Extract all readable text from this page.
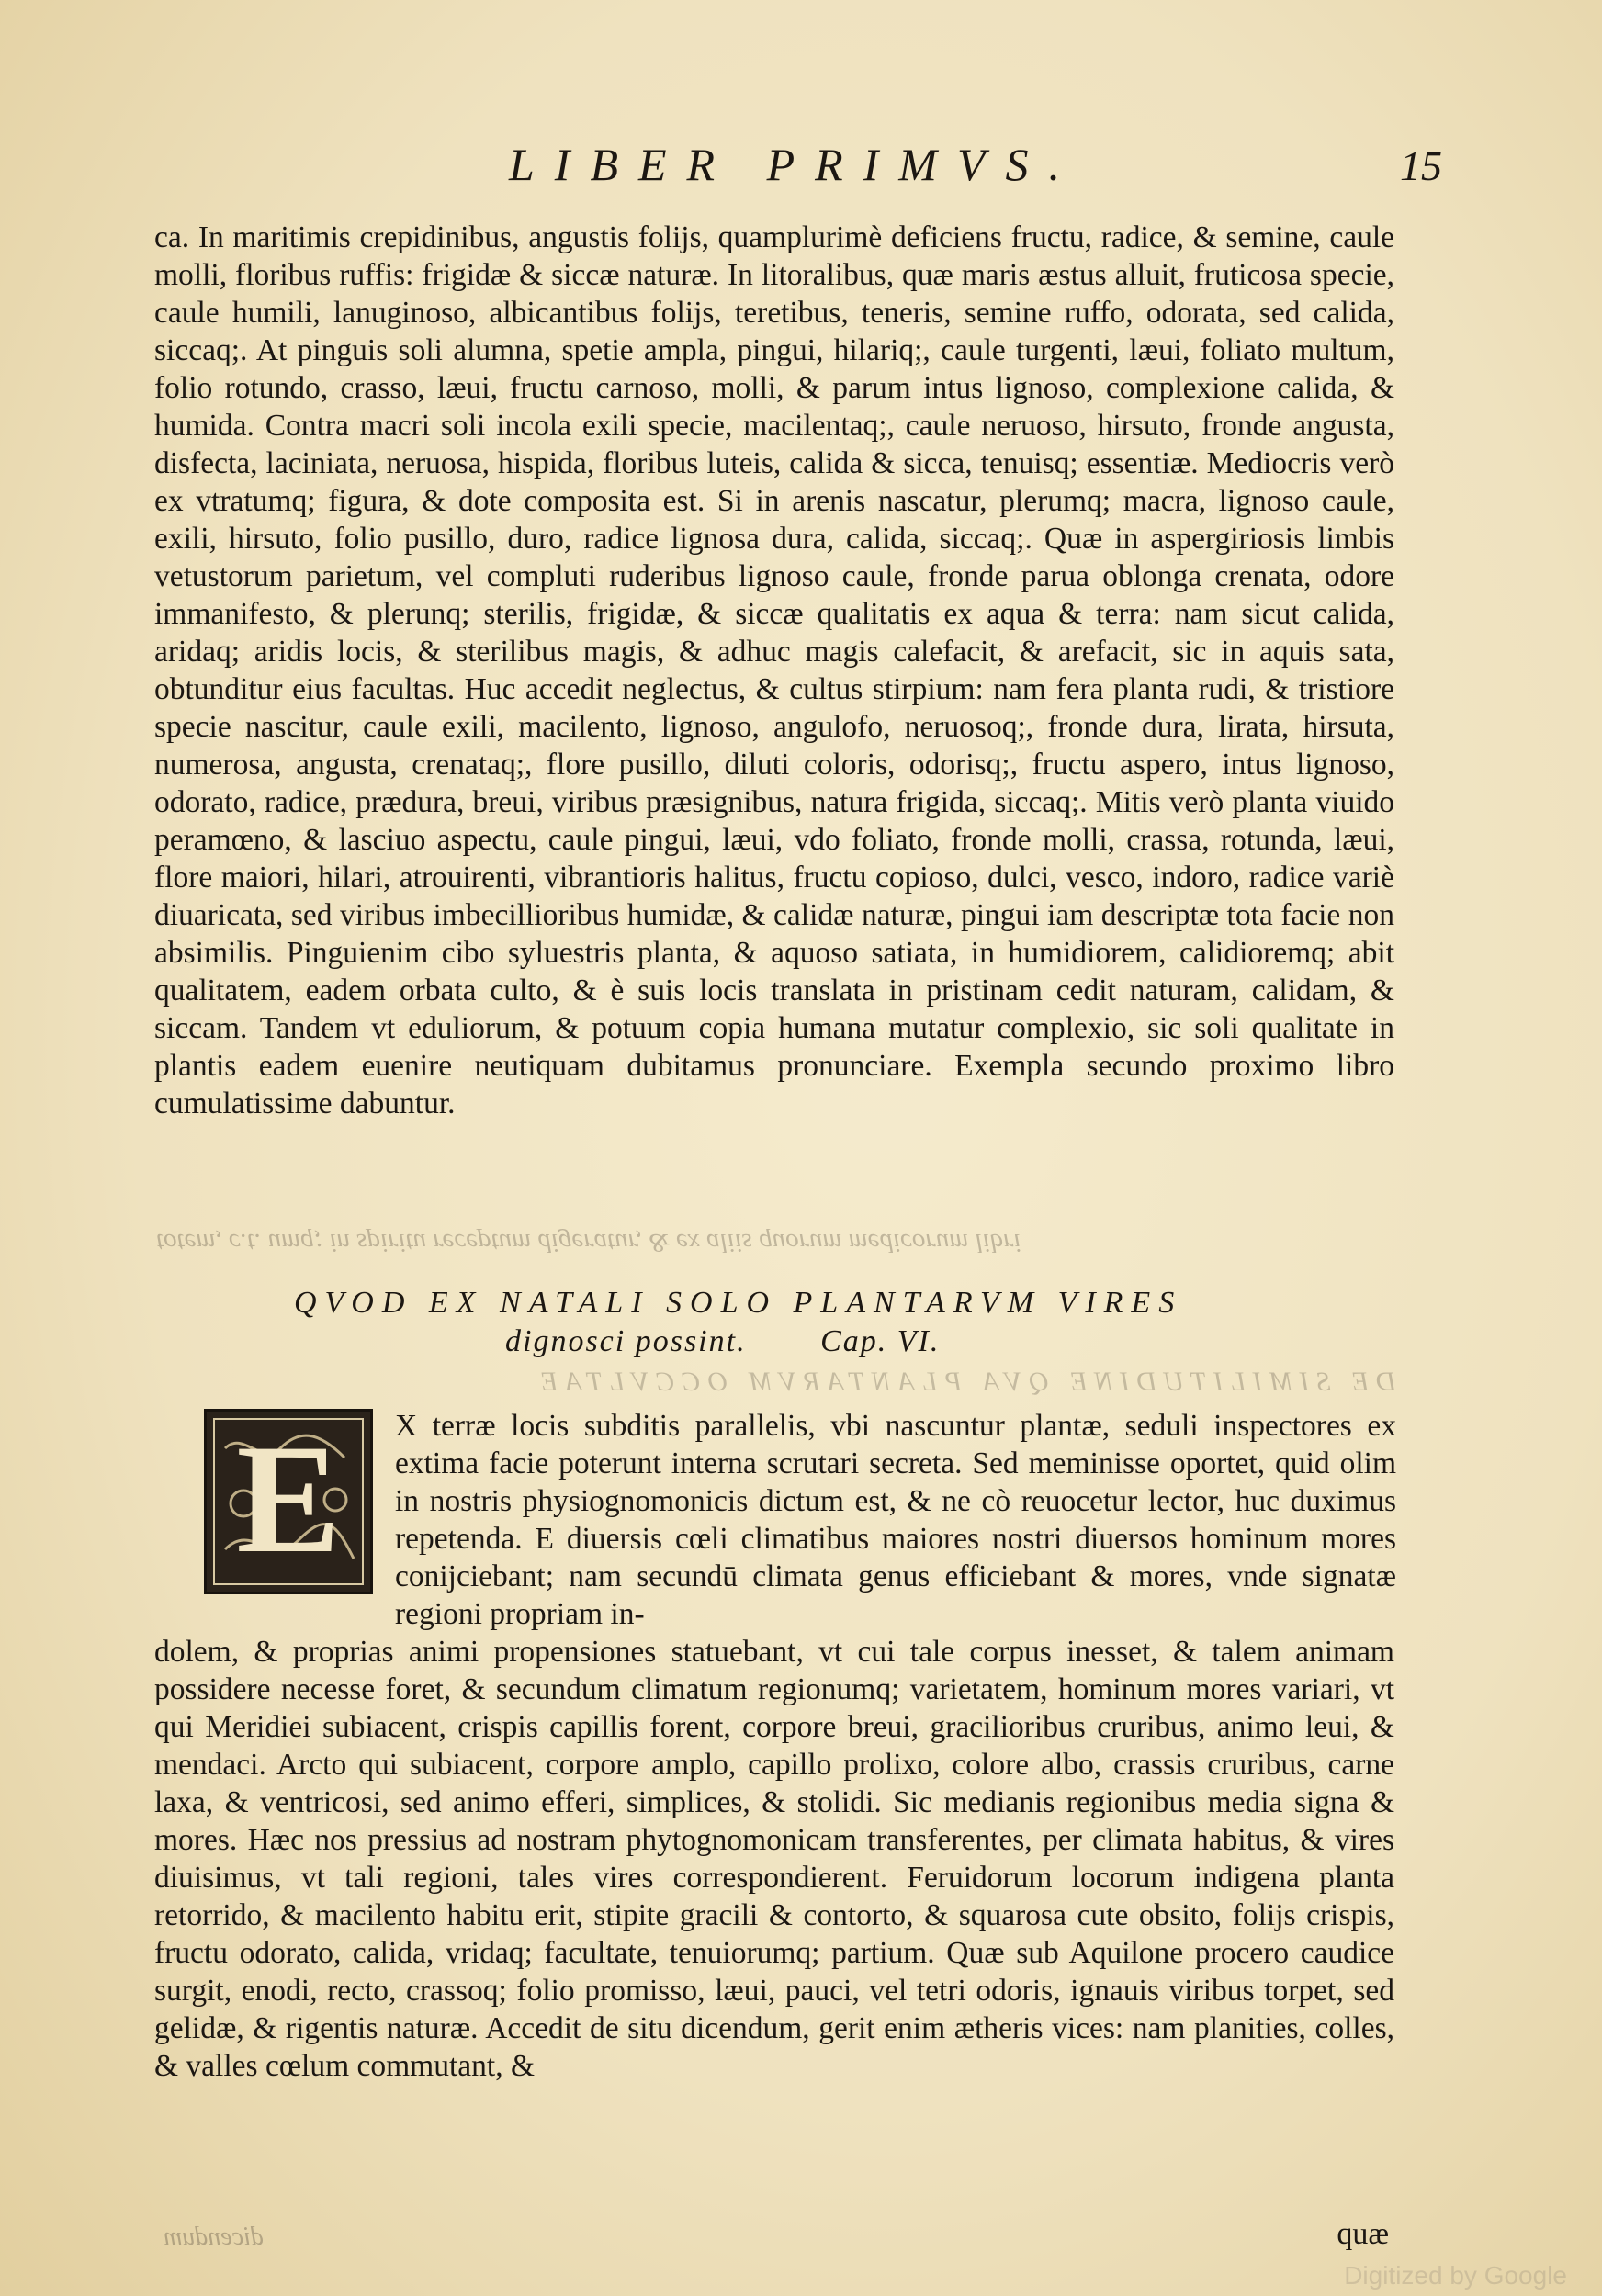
LIBER PRIMVS.	15

ca. In maritimis crepidinibus, angustis folijs, quamplurimè deficiens fructu, radice, & semine, caule molli, floribus ruffis: frigidæ & siccæ naturæ. In litoralibus, quæ maris æstus alluit, fruticosa specie, caule humili, lanuginoso, albicantibus folijs, teretibus, teneris, semine ruffo, odorata, sed calida, siccaq;. At pinguis soli alumna, spetie ampla, pingui, hilariq;, caule turgenti, læui, foliato multum, folio rotundo, crasso, læui, fructu carnoso, molli, & parum intus lignoso, complexione calida, & humida. Contra macri soli incola exili specie, macilentaq;, caule neruoso, hirsuto, fronde angusta, disfecta, laciniata, neruosa, hispida, floribus luteis, calida & sicca, tenuisq; essentiæ. Mediocris verò ex vtratumq; figura, & dote composita est. Si in arenis nascatur, plerumq; macra, lignoso caule, exili, hirsuto, folio pusillo, duro, radice lignosa dura, calida, siccaq;. Quæ in aspergiriosis limbis vetustorum parietum, vel compluti ruderibus lignoso caule, fronde parua oblonga crenata, odore immanifesto, & plerunq; sterilis, frigidæ, & siccæ qualitatis ex aqua & terra: nam sicut calida, aridaq; aridis locis, & sterilibus magis, & adhuc magis calefacit, & arefacit, sic in aquis sata, obtunditur eius facultas. Huc accedit neglectus, & cultus stirpium: nam fera planta rudi, & tristiore specie nascitur, caule exili, macilento, lignoso, angulofo, neruosoq;, fronde dura, lirata, hirsuta, numerosa, angusta, crenataq;, flore pusillo, diluti coloris, odorisq;, fructu aspero, intus lignoso, odorato, radice, prædura, breui, viribus præsignibus, natura frigida, siccaq;. Mitis verò planta viuido peramœno, & lasciuo aspectu, caule pingui, læui, vdo foliato, fronde molli, crassa, rotunda, læui, flore maiori, hilari, atrouirenti, vibrantioris halitus, fructu copioso, dulci, vesco, indoro, radice variè diuaricata, sed viribus imbecillioribus humidæ, & calidæ naturæ, pingui iam descriptæ tota facie non absimilis. Pinguienim cibo syluestris planta, & aquoso satiata, in humidiorem, calidioremq; abit qualitatem, eadem orbata culto, & è suis locis translata in pristinam cedit naturam, calidam, & siccam. Tandem vt eduliorum, & potuum copia humana mutatur complexio, sic soli qualitate in plantis eadem euenire neutiquam dubitamus pronunciare. Exempla secundo proximo libro cumulatissime dabuntur.

totem, c.t. umq; in spiritu receptum digeratur, & ex aliis quorum medicorum libri
QVOD EX NATALI SOLO PLANTARVM VIRES
dignosci possint. Cap. VI.
DE SIMILITUDINE QVA PLANTARVM OCCVLTAE
E	X terræ locis subditis parallelis, vbi nascuntur plantæ, seduli inspectores ex extima facie poterunt interna scrutari secreta. Sed meminisse oportet, quid olim in nostris physiognomonicis dictum est, & ne cò reuocetur lector, huc duximus repetenda. E diuersis cœli climatibus maiores nostri diuersos hominum mores conijciebant; nam secundū climata genus efficiebant & mores, vnde signatæ regioni propriam in-

dolem, & proprias animi propensiones statuebant, vt cui tale corpus inesset, & talem animam possidere necesse foret, & secundum climatum regionumq; varietatem, hominum mores variari, vt qui Meridiei subiacent, crispis capillis forent, corpore breui, gracilioribus cruribus, animo leui, & mendaci. Arcto qui subiacent, corpore amplo, capillo prolixo, colore albo, crassis cruribus, carne laxa, & ventricosi, sed animo efferi, simplices, & stolidi. Sic medianis regionibus media signa & mores. Hæc nos pressius ad nostram phytognomonicam transferentes, per climata habitus, & vires diuisimus, vt tali regioni, tales vires correspondierent. Feruidorum locorum indigena planta retorrido, & macilento habitu erit, stipite gracili & contorto, & squarosa cute obsito, folijs crispis, fructu odorato, calida, vridaq; facultate, tenuiorumq; partium. Quæ sub Aquilone procero caudice surgit, enodi, recto, crassoq; folio promisso, læui, pauci, vel tetri odoris, ignauis viribus torpet, sed gelidæ, & rigentis naturæ. Accedit de situ dicendum, gerit enim ætheris vices: nam planities, colles, & valles cœlum commutant, &

dicendum	quæ
Digitized by Google
